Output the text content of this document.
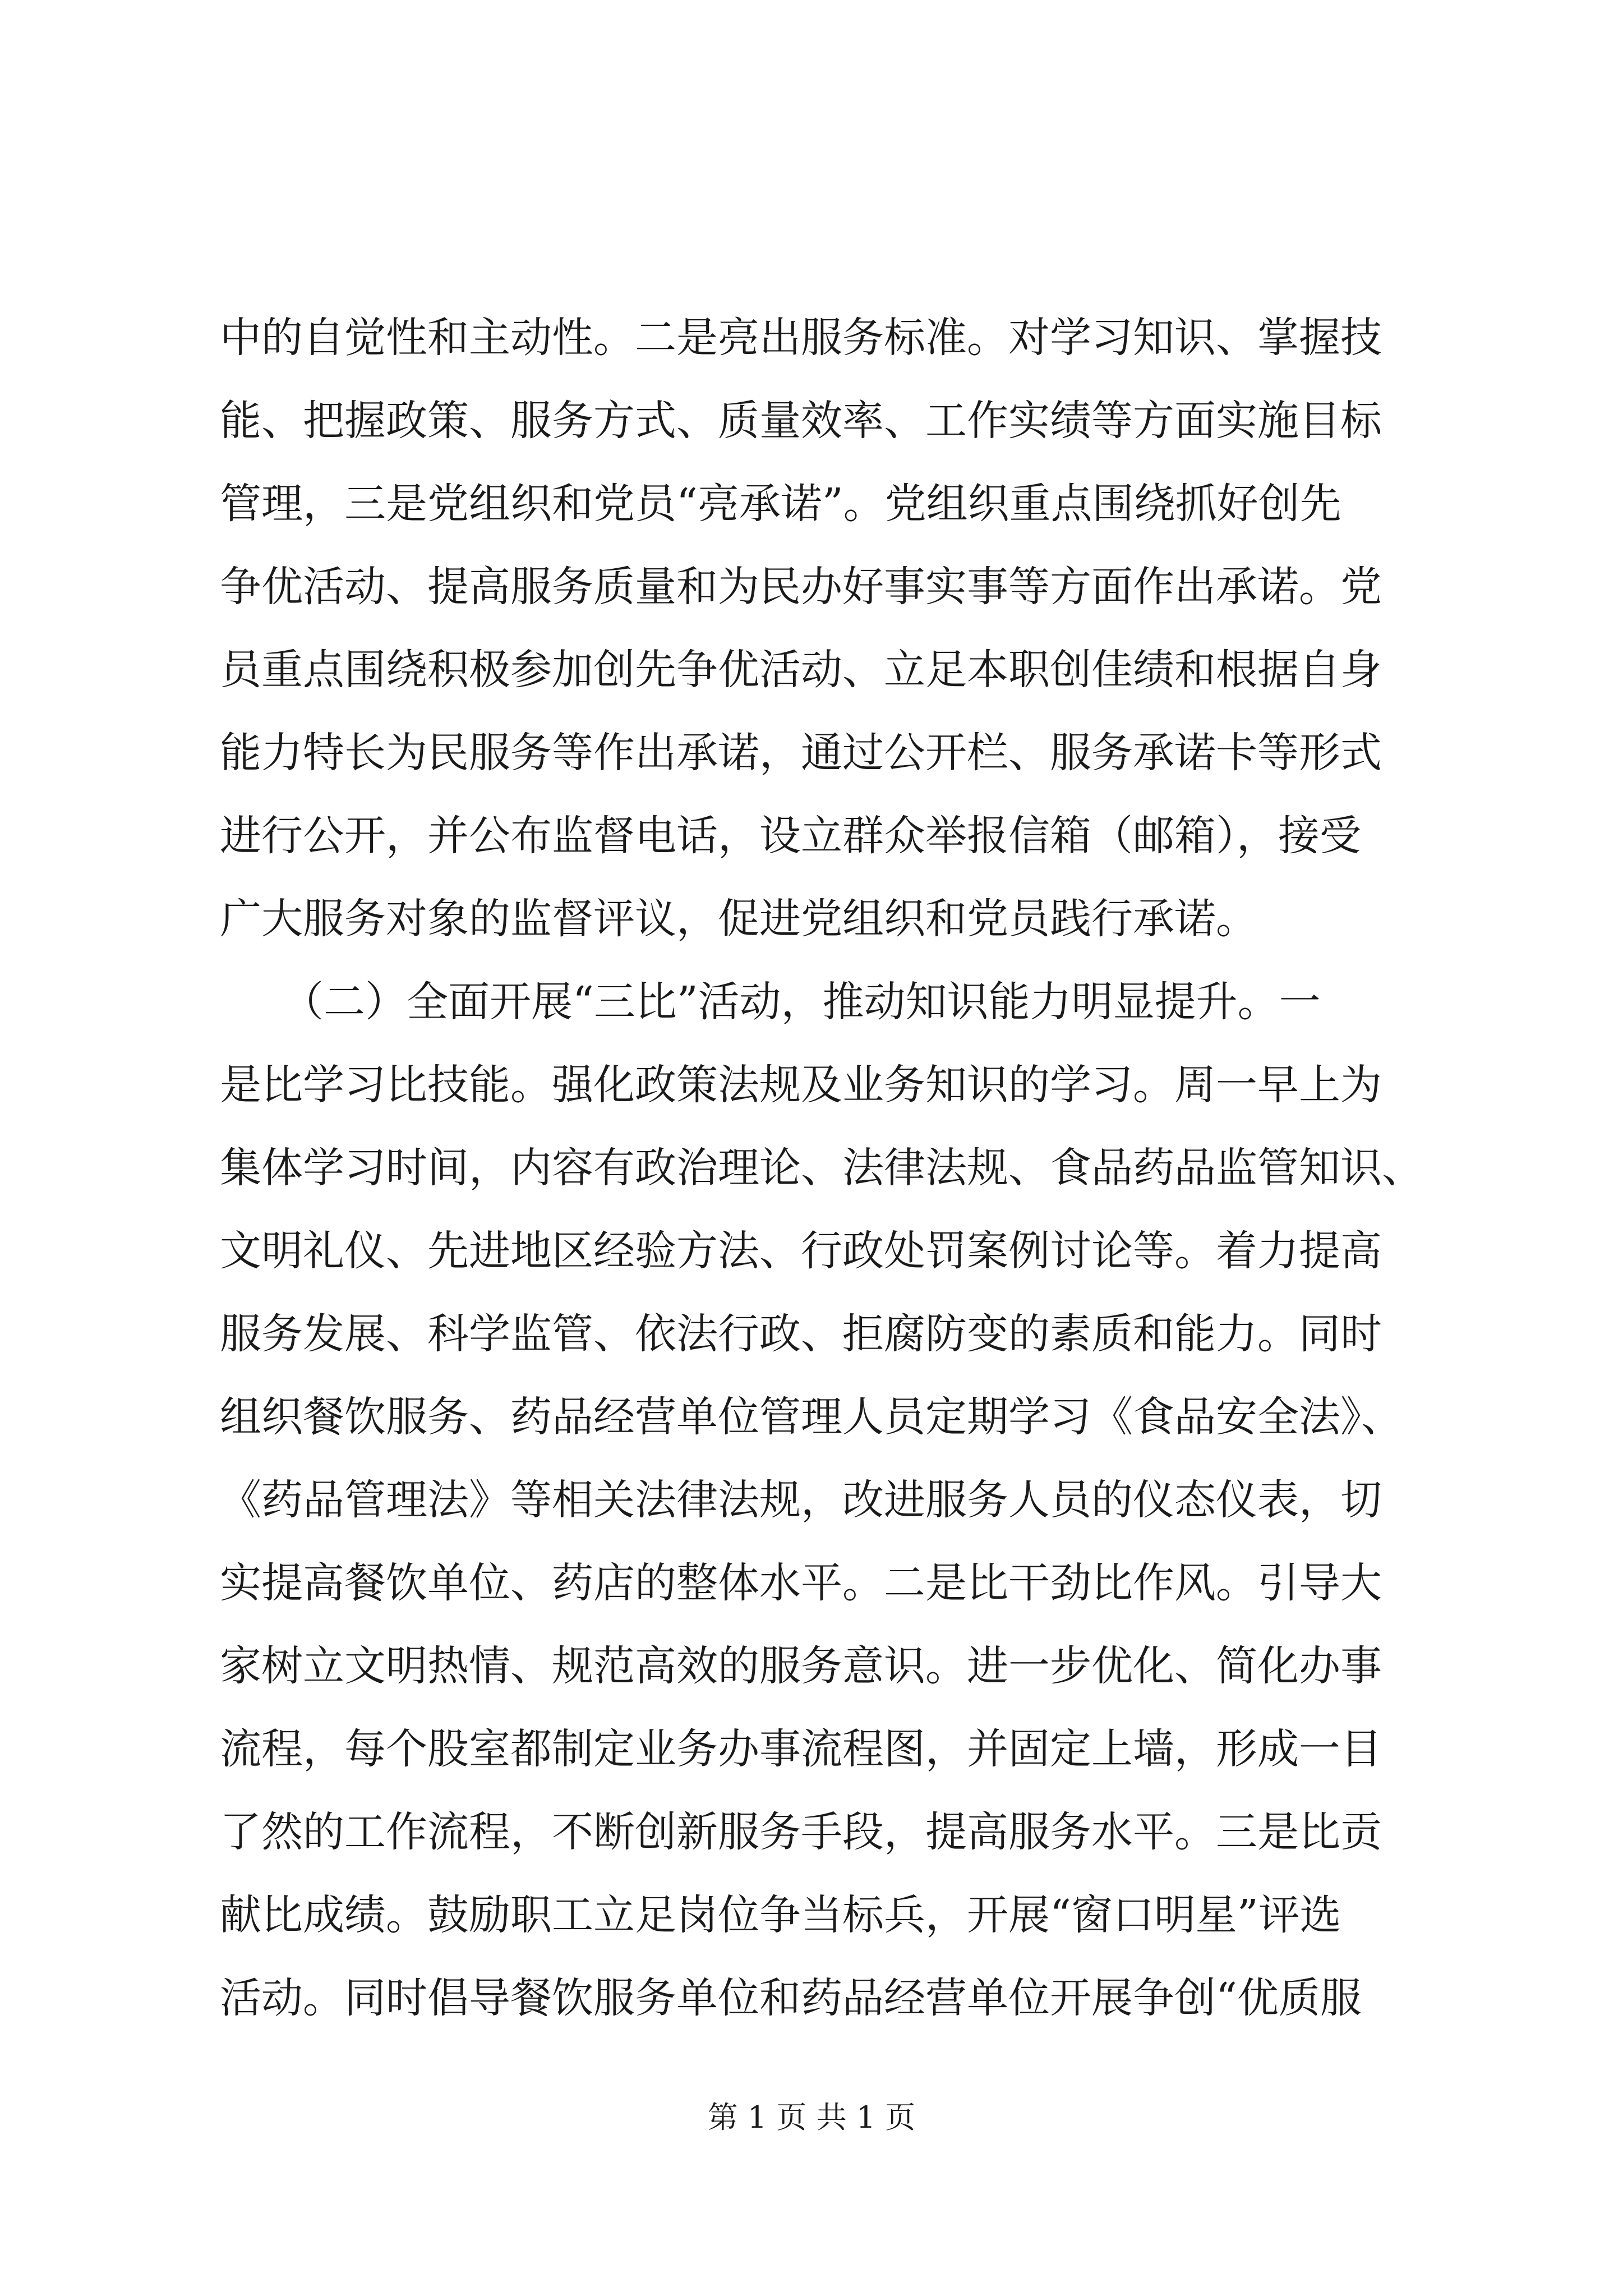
中的自觉性和主动性。二是亮出服务标准。对学习知识、掌握技
能、把握政策、服务方式、质量效率、工作实绩等方面实施目标
管理，三是党组织和党员“亮承诺”。党组织重点围绕抓好创先
争优活动、提高服务质量和为民办好事实事等方面作出承诺。党
员重点围绕积极参加创先争优活动、立足本职创佳绩和根据自身
能力特长为民服务等作出承诺，通过公开栏、服务承诺卡等形式
进行公开，并公布监督电话，设立群众举报信箱（邮箱），接受
广大服务对象的监督评议，促进党组织和党员践行承诺。
　　（二）全面开展“三比”活动，推动知识能力明显提升。一
是比学习比技能。强化政策法规及业务知识的学习。周一早上为
集体学习时间，内容有政治理论、法律法规、食品药品监管知识、
文明礼仪、先进地区经验方法、行政处罚案例讨论等。着力提高
服务发展、科学监管、依法行政、拒腐防变的素质和能力。同时
组织餐饮服务、药品经营单位管理人员定期学习《食品安全法》、
《药品管理法》等相关法律法规，改进服务人员的仪态仪表，切
实提高餐饮单位、药店的整体水平。二是比干劲比作风。引导大
家树立文明热情、规范高效的服务意识。进一步优化、简化办事
流程，每个股室都制定业务办事流程图，并固定上墙，形成一目
了然的工作流程，不断创新服务手段，提高服务水平。三是比贡
献比成绩。鼓励职工立足岗位争当标兵，开展“窗口明星”评选
活动。同时倡导餐饮服务单位和药品经营单位开展争创“优质服
第 1 页 共 1 页
